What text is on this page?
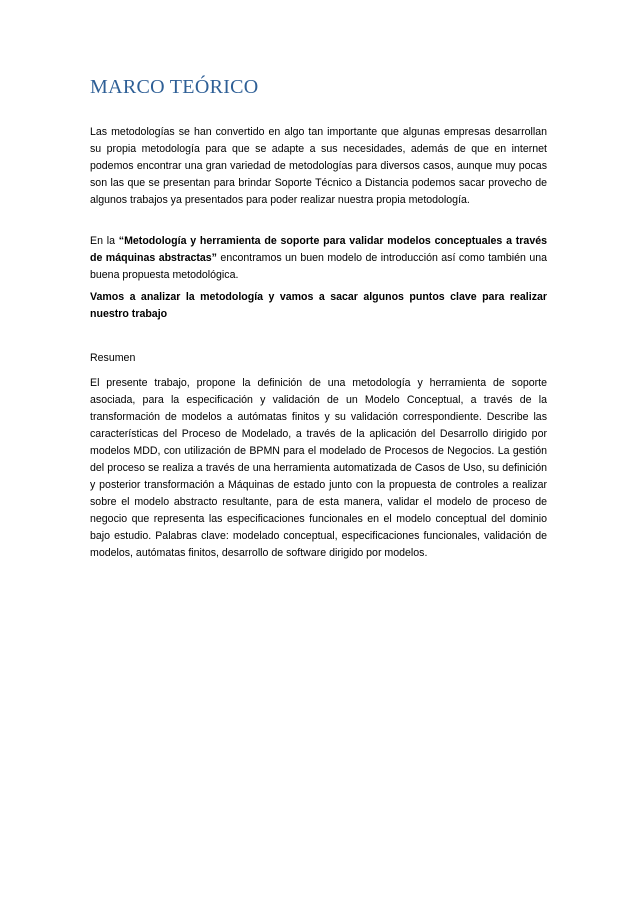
MARCO TEÓRICO

Las metodologías se han convertido en algo tan importante que algunas empresas desarrollan su propia metodología para que se adapte a sus necesidades, además de que en internet podemos encontrar una gran variedad de metodologías para diversos casos, aunque muy pocas son las que se presentan para brindar Soporte Técnico a Distancia podemos sacar provecho de algunos trabajos ya presentados para poder realizar nuestra propia metodología.

En la “Metodología y herramienta de soporte para validar modelos conceptuales a través de máquinas abstractas” encontramos un buen modelo de introducción así como también una buena propuesta metodológica.

Vamos a analizar la metodología y vamos a sacar algunos puntos clave para realizar nuestro trabajo

Resumen

El presente trabajo, propone la definición de una metodología y herramienta de soporte asociada, para la especificación y validación de un Modelo Conceptual, a través de la transformación de modelos a autómatas finitos y su validación correspondiente. Describe las características del Proceso de Modelado, a través de la aplicación del Desarrollo dirigido por modelos MDD, con utilización de BPMN para el modelado de Procesos de Negocios. La gestión del proceso se realiza a través de una herramienta automatizada de Casos de Uso, su definición y posterior transformación a Máquinas de estado junto con la propuesta de controles a realizar sobre el modelo abstracto resultante, para de esta manera, validar el modelo de proceso de negocio que representa las especificaciones funcionales en el modelo conceptual del dominio bajo estudio. Palabras clave: modelado conceptual, especificaciones funcionales, validación de modelos, autómatas finitos, desarrollo de software dirigido por modelos.
